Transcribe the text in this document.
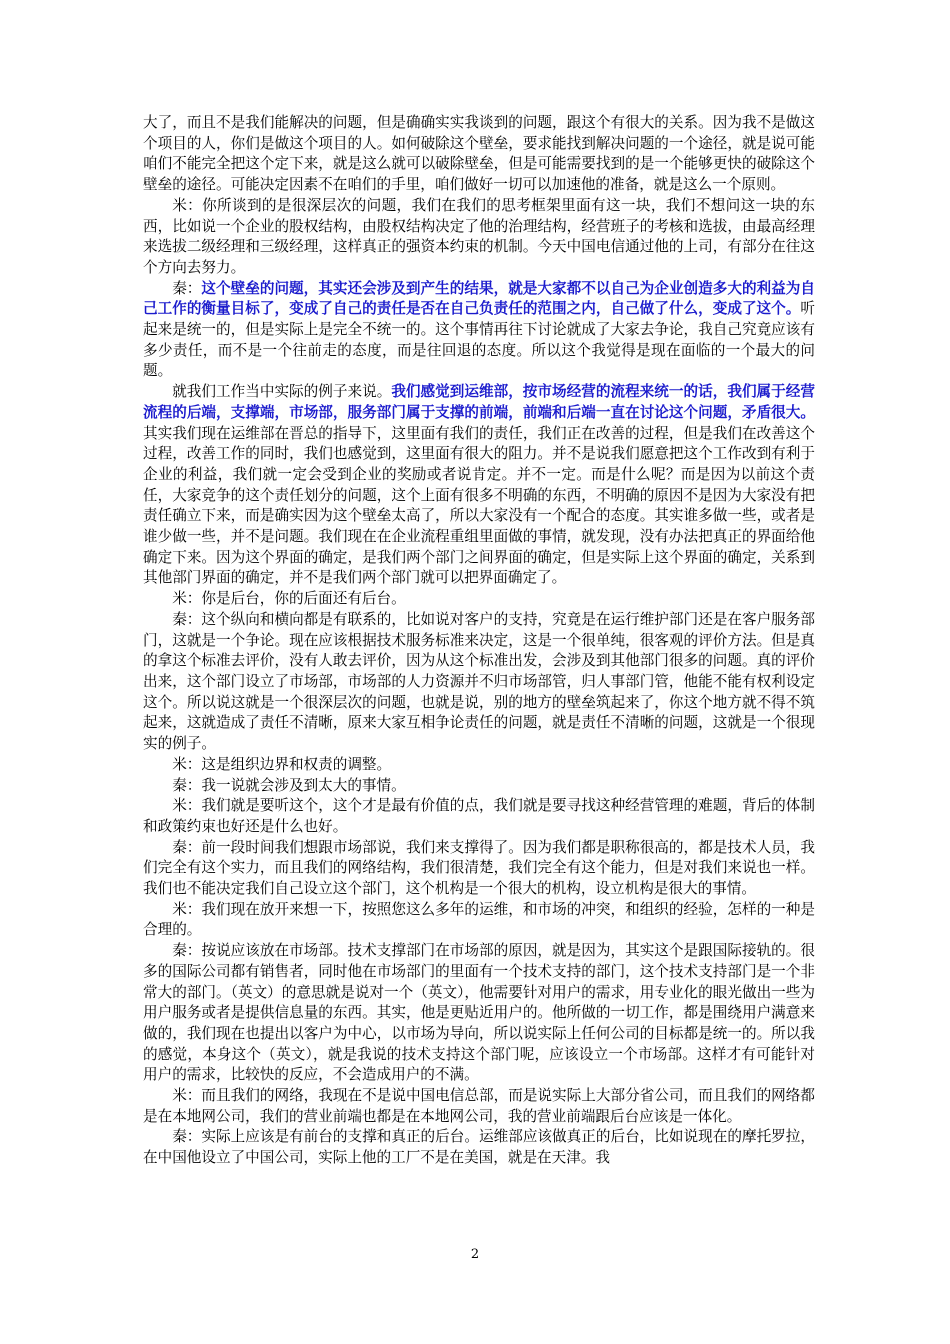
大了，而且不是我们能解决的问题，但是确确实实我谈到的问题，跟这个有很大的关系。因为我不是做这个项目的人，你们是做这个项目的人。如何破除这个壁垒，要求能找到解决问题的一个途径，就是说可能咱们不能完全把这个定下来，就是这么就可以破除壁垒，但是可能需要找到的是一个能够更快的破除这个壁垒的途径。可能决定因素不在咱们的手里，咱们做好一切可以加速他的准备，就是这么一个原则。

米：你所谈到的是很深层次的问题，我们在我们的思考框架里面有这一块，我们不想问这一块的东西，比如说一个企业的股权结构，由股权结构决定了他的治理结构，经营班子的考核和选拔，由最高经理来选拔二级经理和三级经理，这样真正的强资本约束的机制。今天中国电信通过他的上司，有部分在往这个方向去努力。

秦：这个壁垒的问题，其实还会涉及到产生的结果，就是大家都不以自己为企业创造多大的利益为自己工作的衡量目标了，变成了自己的责任是否在自己负责任的范围之内，自己做了什么，变成了这个。听起来是统一的，但是实际上是完全不统一的。这个事情再往下讨论就成了大家去争论，我自己究竟应该有多少责任，而不是一个往前走的态度，而是往回退的态度。所以这个我觉得是现在面临的一个最大的问题。

就我们工作当中实际的例子来说。我们感觉到运维部，按市场经营的流程来统一的话，我们属于经营流程的后端，支撑端，市场部，服务部门属于支撑的前端，前端和后端一直在讨论这个问题，矛盾很大。其实我们现在运维部在晋总的指导下，这里面有我们的责任，我们正在改善的过程，但是我们在改善这个过程，改善工作的同时，我们也感觉到，这里面有很大的阻力。并不是说我们愿意把这个工作改到有利于企业的利益，我们就一定会受到企业的奖励或者说肯定。并不一定。而是什么呢？而是因为以前这个责任，大家竞争的这个责任划分的问题，这个上面有很多不明确的东西，不明确的原因不是因为大家没有把责任确立下来，而是确实因为这个壁垒太高了，所以大家没有一个配合的态度。其实谁多做一些，或者是谁少做一些，并不是问题。我们现在在企业流程重组里面做的事情，就发现，没有办法把真正的界面给他确定下来。因为这个界面的确定，是我们两个部门之间界面的确定，但是实际上这个界面的确定，关系到其他部门界面的确定，并不是我们两个部门就可以把界面确定了。

米：你是后台，你的后面还有后台。

秦：这个纵向和横向都是有联系的，比如说对客户的支持，究竟是在运行维护部门还是在客户服务部门，这就是一个争论。现在应该根据技术服务标准来决定，这是一个很单纯，很客观的评价方法。但是真的拿这个标准去评价，没有人敢去评价，因为从这个标准出发，会涉及到其他部门很多的问题。真的评价出来，这个部门设立了市场部，市场部的人力资源并不归市场部管，归人事部门管，他能不能有权利设定这个。所以说这就是一个很深层次的问题，也就是说，别的地方的壁垒筑起来了，你这个地方就不得不筑起来，这就造成了责任不清晰，原来大家互相争论责任的问题，就是责任不清晰的问题，这就是一个很现实的例子。

米：这是组织边界和权责的调整。

秦：我一说就会涉及到太大的事情。

米：我们就是要听这个，这个才是最有价值的点，我们就是要寻找这种经营管理的难题，背后的体制和政策约束也好还是什么也好。

秦：前一段时间我们想跟市场部说，我们来支撑得了。因为我们都是职称很高的，都是技术人员，我们完全有这个实力，而且我们的网络结构，我们很清楚，我们完全有这个能力，但是对我们来说也一样。我们也不能决定我们自己设立这个部门，这个机构是一个很大的机构，设立机构是很大的事情。

米：我们现在放开来想一下，按照您这么多年的运维，和市场的冲突，和组织的经验，怎样的一种是合理的。

秦：按说应该放在市场部。技术支撑部门在市场部的原因，就是因为，其实这个是跟国际接轨的。很多的国际公司都有销售者，同时他在市场部门的里面有一个技术支持的部门，这个技术支持部门是一个非常大的部门。（英文）的意思就是说对一个（英文），他需要针对用户的需求，用专业化的眼光做出一些为用户服务或者是提供信息量的东西。其实，他是更贴近用户的。他所做的一切工作，都是围绕用户满意来做的，我们现在也提出以客户为中心，以市场为导向，所以说实际上任何公司的目标都是统一的。所以我的感觉，本身这个（英文），就是我说的技术支持这个部门呢，应该设立一个市场部。这样才有可能针对用户的需求，比较快的反应，不会造成用户的不满。

米：而且我们的网络，我现在不是说中国电信总部，而是说实际上大部分省公司，而且我们的网络都是在本地网公司，我们的营业前端也都是在本地网公司，我的营业前端跟后台应该是一体化。

秦：实际上应该是有前台的支撑和真正的后台。运维部应该做真正的后台，比如说现在的摩托罗拉，在中国他设立了中国公司，实际上他的工厂不是在美国，就是在天津。我

2
